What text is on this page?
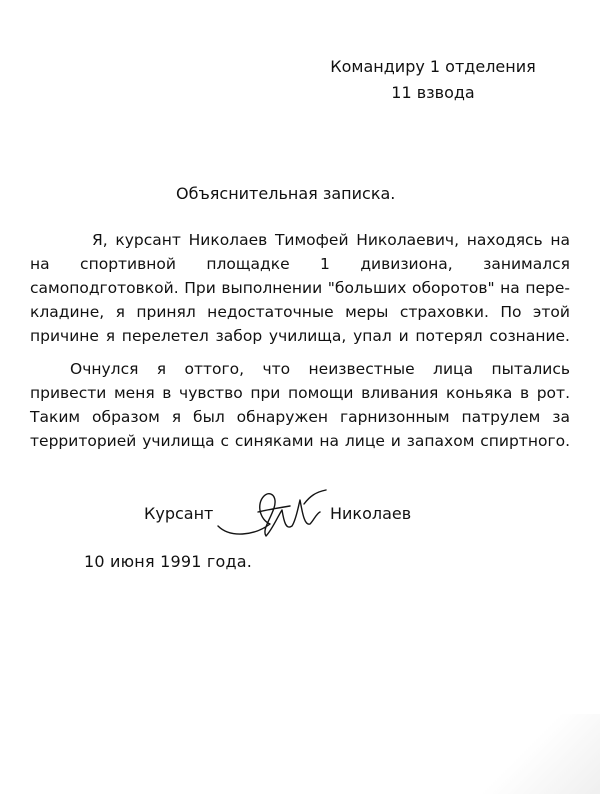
Командиру 1 отделения
11 взвода
Объяснительная записка.
Я, курсант Николаев Тимофей Николаевич, находясь на
на спортивной площадке 1 дивизиона, занимался
самоподготовкой. При выполнении "больших оборотов" на пере-
кладине, я принял недостаточные меры страховки. По этой
причине я перелетел забор училища, упал и потерял сознание.
Очнулся я оттого, что неизвестные лица пытались
привести меня в чувство при помощи вливания коньяка в рот.
Таким образом я был обнаружен гарнизонным патрулем за
территорией училища с синяками на лице и запахом спиртного.
Курсант	Николаев
10 июня 1991 года.
